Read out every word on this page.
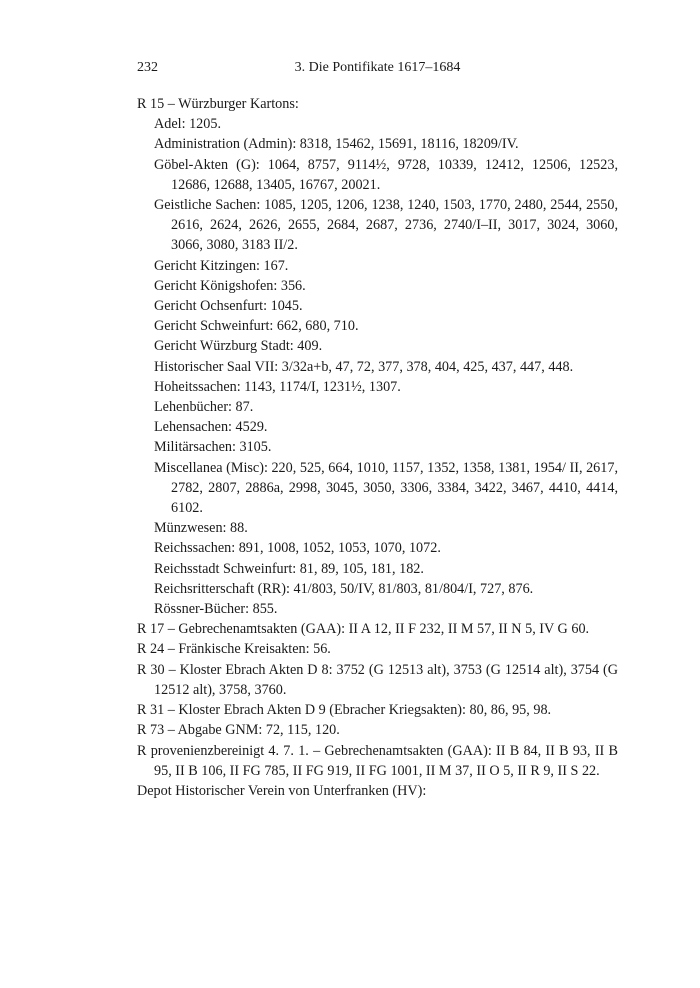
232	3. Die Pontifikate 1617–1684
R 15 – Würzburger Kartons:
Adel: 1205.
Administration (Admin): 8318, 15462, 15691, 18116, 18209/IV.
Göbel-Akten (G): 1064, 8757, 9114½, 9728, 10339, 12412, 12506, 12523, 12686, 12688, 13405, 16767, 20021.
Geistliche Sachen: 1085, 1205, 1206, 1238, 1240, 1503, 1770, 2480, 2544, 2550, 2616, 2624, 2626, 2655, 2684, 2687, 2736, 2740/I–II, 3017, 3024, 3060, 3066, 3080, 3183 II/2.
Gericht Kitzingen: 167.
Gericht Königshofen: 356.
Gericht Ochsenfurt: 1045.
Gericht Schweinfurt: 662, 680, 710.
Gericht Würzburg Stadt: 409.
Historischer Saal VII: 3/32a+b, 47, 72, 377, 378, 404, 425, 437, 447, 448.
Hoheitssachen: 1143, 1174/I, 1231½, 1307.
Lehenbücher: 87.
Lehensachen: 4529.
Militärsachen: 3105.
Miscellanea (Misc): 220, 525, 664, 1010, 1157, 1352, 1358, 1381, 1954/ II, 2617, 2782, 2807, 2886a, 2998, 3045, 3050, 3306, 3384, 3422, 3467, 4410, 4414, 6102.
Münzwesen: 88.
Reichssachen: 891, 1008, 1052, 1053, 1070, 1072.
Reichsstadt Schweinfurt: 81, 89, 105, 181, 182.
Reichsritterschaft (RR): 41/803, 50/IV, 81/803, 81/804/I, 727, 876.
Rössner-Bücher: 855.
R 17 – Gebrechenamtsakten (GAA): II A 12, II F 232, II M 57, II N 5, IV G 60.
R 24 – Fränkische Kreisakten: 56.
R 30 – Kloster Ebrach Akten D 8: 3752 (G 12513 alt), 3753 (G 12514 alt), 3754 (G 12512 alt), 3758, 3760.
R 31 – Kloster Ebrach Akten D 9 (Ebracher Kriegsakten): 80, 86, 95, 98.
R 73 – Abgabe GNM: 72, 115, 120.
R provenienzbereinigt 4. 7. 1. – Gebrechenamtsakten (GAA): II B 84, II B 93, II B 95, II B 106, II FG 785, II FG 919, II FG 1001, II M 37, II O 5, II R 9, II S 22.
Depot Historischer Verein von Unterfranken (HV):
